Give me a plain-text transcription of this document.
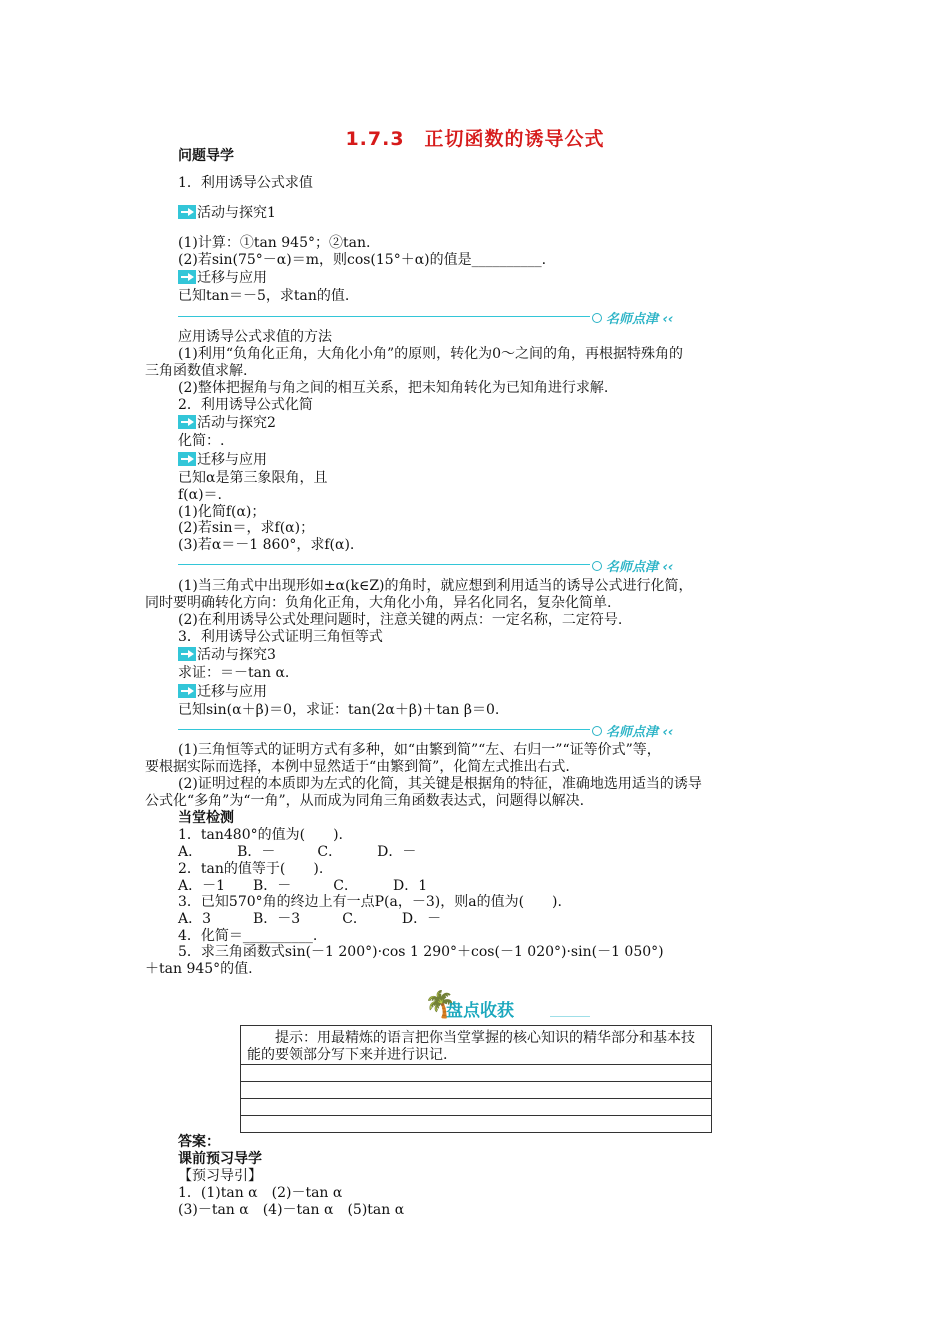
1.7.3　正切函数的诱导公式
问题导学
1．利用诱导公式求值
活动与探究1
(1)计算：①tan 945°；②tan.
(2)若sin(75°－α)＝m，则cos(15°＋α)的值是__________.
迁移与应用
已知tan＝－5，求tan的值.
名师点津 ‹‹
应用诱导公式求值的方法
(1)利用“负角化正角，大角化小角”的原则，转化为0～之间的角，再根据特殊角的
三角函数值求解.
(2)整体把握角与角之间的相互关系，把未知角转化为已知角进行求解.
2．利用诱导公式化简
活动与探究2
化简：.
迁移与应用
已知α是第三象限角，且
f(α)＝.
(1)化简f(α)；
(2)若sin＝，求f(α)；
(3)若α＝－1 860°，求f(α).
名师点津 ‹‹
(1)当三角式中出现形如±α(k∈Z)的角时，就应想到利用适当的诱导公式进行化简，
同时要明确转化方向：负角化正角，大角化小角，异名化同名，复杂化简单.
(2)在利用诱导公式处理问题时，注意关键的两点：一定名称，二定符号.
3．利用诱导公式证明三角恒等式
活动与探究3
求证：＝－tan α.
迁移与应用
已知sin(α＋β)＝0，求证：tan(2α＋β)＋tan β＝0.
名师点津 ‹‹
(1)三角恒等式的证明方式有多种，如“由繁到简”“左、右归一”“证等价式”等，
要根据实际而选择，本例中显然适于“由繁到简”，化简左式推出右式.
(2)证明过程的本质即为左式的化简，其关键是根据角的特征，准确地选用适当的诱导
公式化“多角”为“一角”，从而成为同角三角函数表达式，问题得以解决.
当堂检测
1．tan480°的值为(　　).
A．　　　B．－　　　C．　　　D．－
2．tan的值等于(　　).
A．－1　　B．－　　　C．　　　D．1
3．已知570°角的终边上有一点P(a，－3)，则a的值为(　　).
A．3　　　B．－3　　　C．　　　D．－
4．化简＝__________.
5．求三角函数式sin(－1 200°)·cos 1 290°＋cos(－1 020°)·sin(－1 050°)
＋tan 945°的值.
🌴
盘点收获
提示：用最精炼的语言把你当堂掌握的核心知识的精华部分和基本技能的要领部分写下来并进行识记.
答案：
课前预习导学
【预习导引】
1．(1)tan α　(2)－tan α
(3)－tan α　(4)－tan α　(5)tan α
